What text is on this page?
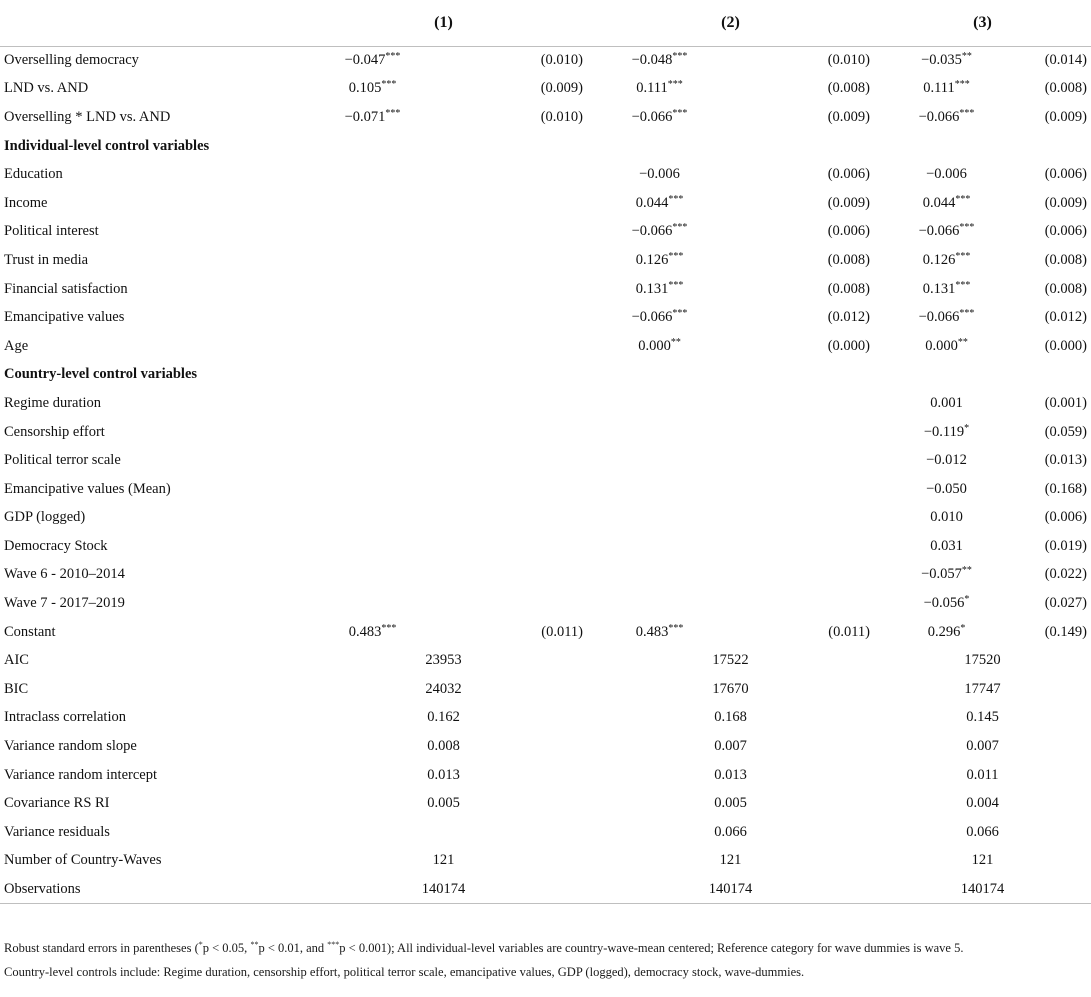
	(1)		(2)		(3)	
Overselling democracy	−0.047***	(0.010)	−0.048***	(0.010)	−0.035**	(0.014)
LND vs. AND	0.105***	(0.009)	0.111***	(0.008)	0.111***	(0.008)
Overselling * LND vs. AND	−0.071***	(0.010)	−0.066***	(0.009)	−0.066***	(0.009)
Individual-level control variables						
Education			−0.006	(0.006)	−0.006	(0.006)
Income			0.044***	(0.009)	0.044***	(0.009)
Political interest			−0.066***	(0.006)	−0.066***	(0.006)
Trust in media			0.126***	(0.008)	0.126***	(0.008)
Financial satisfaction			0.131***	(0.008)	0.131***	(0.008)
Emancipative values			−0.066***	(0.012)	−0.066***	(0.012)
Age			0.000**	(0.000)	0.000**	(0.000)
Country-level control variables						
Regime duration					0.001	(0.001)
Censorship effort					−0.119*	(0.059)
Political terror scale					−0.012	(0.013)
Emancipative values (Mean)					−0.050	(0.168)
GDP (logged)					0.010	(0.006)
Democracy Stock					0.031	(0.019)
Wave 6 - 2010–2014					−0.057**	(0.022)
Wave 7 - 2017–2019					−0.056*	(0.027)
Constant	0.483***	(0.011)	0.483***	(0.011)	0.296*	(0.149)
AIC	23953		17522		17520	
BIC	24032		17670		17747	
Intraclass correlation	0.162		0.168		0.145	
Variance random slope	0.008		0.007		0.007	
Variance random intercept	0.013		0.013		0.011	
Covariance RS RI	0.005		0.005		0.004	
Variance residuals			0.066		0.066	
Number of Country-Waves	121		121		121	
Observations	140174		140174		140174	

Robust standard errors in parentheses (*p < 0.05, **p < 0.01, and ***p < 0.001); All individual-level variables are country-wave-mean centered; Reference category for wave dummies is wave 5.

Country-level controls include: Regime duration, censorship effort, political terror scale, emancipative values, GDP (logged), democracy stock, wave-dummies.
